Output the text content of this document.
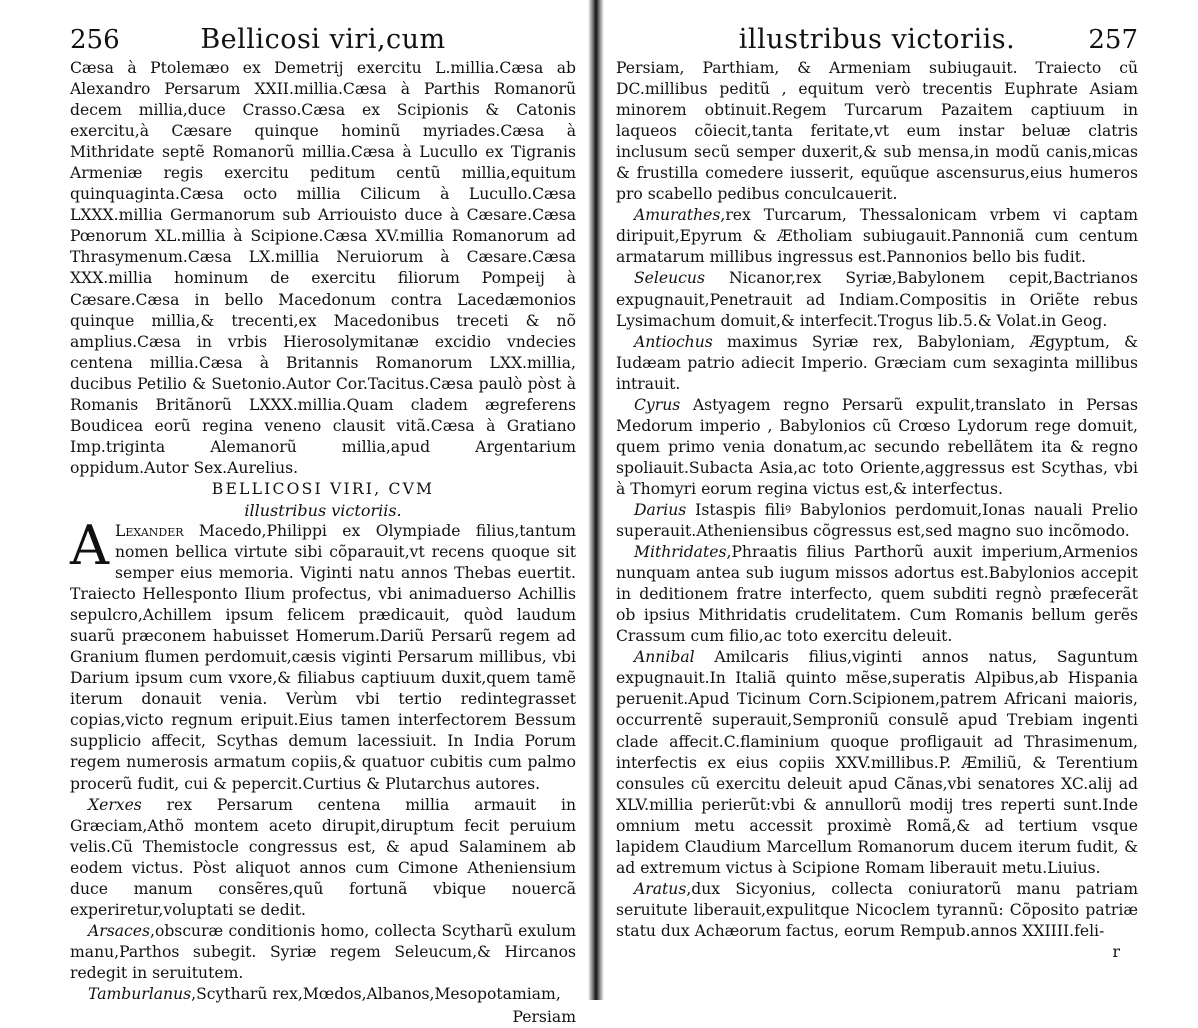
256	Bellicosi viri,cum

Cæsa à Ptolemæo ex Demetrij exercitu L.millia.Cæsa ab Alexandro Persarum XXII.millia.Cæsa à Parthis Romanorũ decem millia,duce Crasso.Cæsa ex Scipionis & Catonis exercitu,à Cæsare quinque hominũ myriades.Cæsa à Mithridate septẽ Romanorũ millia.Cæsa à Lucullo ex Tigranis Armeniæ regis exercitu peditum centũ millia,equitum quinquaginta.Cæsa octo millia Cilicum à Lucullo.Cæsa LXXX.millia Germanorum sub Arriouisto duce à Cæsare.Cæsa Pœnorum XL.millia à Scipione.Cæsa XV.millia Romanorum ad Thrasymenum.Cæsa LX.millia Neruiorum à Cæsare.Cæsa XXX.millia hominum de exercitu filiorum Pompeij à Cæsare.Cæsa in bello Macedonum contra Lacedæmonios quinque millia,& trecenti,ex Macedonibus treceti & nõ amplius.Cæsa in vrbis Hierosolymitanæ excidio vndecies centena millia.Cæsa à Britannis Romanorum LXX.millia, ducibus Petilio & Suetonio.Autor Cor.Tacitus.Cæsa paulò pòst à Romanis Britãnorũ LXXX.millia.Quam cladem ægreferens Boudicea eorũ regina veneno clausit vitã.Cæsa à Gratiano Imp.triginta Alemanorũ millia,apud Argentarium oppidum.Autor Sex.Aurelius.

BELLICOSI VIRI, CVM

illustribus victoriis.

A Lexander Macedo,Philippi ex Olympiade filius,tantum nomen bellica virtute sibi cõparauit,vt recens quoque sit semper eius memoria. Viginti natu annos Thebas euertit. Traiecto Hellesponto Ilium profectus, vbi animaduerso Achillis sepulcro,Achillem ipsum felicem prædicauit, quòd laudum suarũ præconem habuisset Homerum.Dariũ Persarũ regem ad Granium flumen perdomuit,cæsis viginti Persarum millibus, vbi Darium ipsum cum vxore,& filiabus captiuum duxit,quem tamẽ iterum donauit venia. Verùm vbi tertio redintegrasset copias,victo regnum eripuit.Eius tamen interfectorem Bessum supplicio affecit, Scythas demum lacessiuit. In India Porum regem numerosis armatum copiis,& quatuor cubitis cum palmo procerũ fudit, cui & pepercit.Curtius & Plutarchus autores.

Xerxes rex Persarum centena millia armauit in Græciam,Athõ montem aceto dirupit,diruptum fecit peruium velis.Cũ Themistocle congressus est, & apud Salaminem ab eodem victus. Pòst aliquot annos cum Cimone Atheniensium duce manum consẽres,quũ fortunã vbique nouercã experiretur,voluptati se dedit.

Arsaces,obscuræ conditionis homo, collecta Scytharũ exulum manu,Parthos subegit. Syriæ regem Seleucum,& Hircanos redegit in seruitutem.

Tamburlanus,Scytharũ rex,Mœdos,Albanos,Mesopotamiam,

Persiam
illustribus victoriis.	257

Persiam, Parthiam, & Armeniam subiugauit. Traiecto cũ DC.millibus peditũ , equitum verò trecentis Euphrate Asiam minorem obtinuit.Regem Turcarum Pazaitem captiuum in laqueos cõiecit,tanta feritate,vt eum instar beluæ clatris inclusum secũ semper duxerit,& sub mensa,in modũ canis,micas & frustilla comedere iusserit, equũque ascensurus,eius humeros pro scabello pedibus conculcauerit.

Amurathes,rex Turcarum, Thessalonicam vrbem vi captam diripuit,Epyrum & Ætholiam subiugauit.Pannoniã cum centum armatarum millibus ingressus est.Pannonios bello bis fudit.

Seleucus Nicanor,rex Syriæ,Babylonem cepit,Bactrianos expugnauit,Penetrauit ad Indiam.Compositis in Oriẽte rebus Lysimachum domuit,& interfecit.Trogus lib.5.& Volat.in Geog.

Antiochus maximus Syriæ rex, Babyloniam, Ægyptum, & Iudæam patrio adiecit Imperio. Græciam cum sexaginta millibus intrauit.

Cyrus Astyagem regno Persarũ expulit,translato in Persas Medorum imperio , Babylonios cũ Crœso Lydorum rege domuit, quem primo venia donatum,ac secundo rebellãtem ita & regno spoliauit.Subacta Asia,ac toto Oriente,aggressus est Scythas, vbi à Thomyri eorum regina victus est,& interfectus.

Darius Istaspis filiꝰ Babylonios perdomuit,Ionas nauali Prelio superauit.Atheniensibus cõgressus est,sed magno suo incõmodo.

Mithridates,Phraatis filius Parthorũ auxit imperium,Armenios nunquam antea sub iugum missos adortus est.Babylonios accepit in deditionem fratre interfecto, quem subditi regnò præfecerãt ob ipsius Mithridatis crudelitatem. Cum Romanis bellum gerẽs Crassum cum filio,ac toto exercitu deleuit.

Annibal Amilcaris filius,viginti annos natus, Saguntum expugnauit.In Italiã quinto mẽse,superatis Alpibus,ab Hispania peruenit.Apud Ticinum Corn.Scipionem,patrem Africani maioris, occurrentẽ superauit,Semproniũ consulẽ apud Trebiam ingenti clade affecit.C.flaminium quoque profligauit ad Thrasimenum, interfectis ex eius copiis XXV.millibus.P. Æmiliũ, & Terentium consules cũ exercitu deleuit apud Cãnas,vbi senatores XC.alij ad XLV.millia perierũt:vbi & annullorũ modij tres reperti sunt.Inde omnium metu accessit proximè Romã,& ad tertium vsque lapidem Claudium Marcellum Romanorum ducem iterum fudit, & ad extremum victus à Scipione Romam liberauit metu.Liuius.

Aratus,dux Sicyonius, collecta coniuratorũ manu patriam seruitute liberauit,expulitque Nicoclem tyrannũ: Cõposito patriæ statu dux Achæorum factus, eorum Rempub.annos XXIIII.feli-

r
